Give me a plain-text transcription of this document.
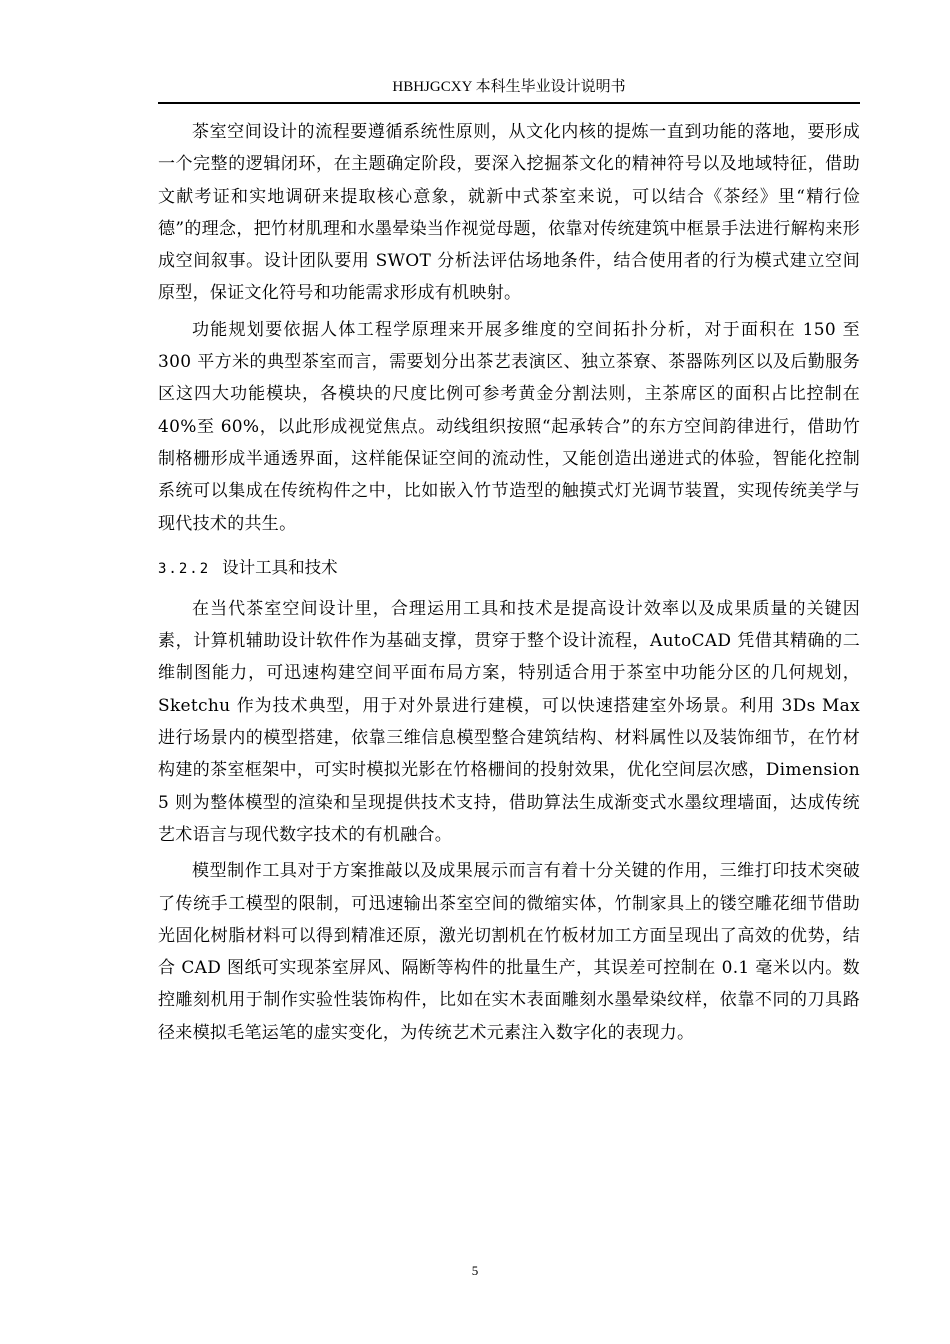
HBHJGCXY 本科生毕业设计说明书

茶室空间设计的流程要遵循系统性原则，从文化内核的提炼一直到功能的落地，要形成一个完整的逻辑闭环，在主题确定阶段，要深入挖掘茶文化的精神符号以及地域特征，借助文献考证和实地调研来提取核心意象，就新中式茶室来说，可以结合《茶经》里“精行俭德”的理念，把竹材肌理和水墨晕染当作视觉母题，依靠对传统建筑中框景手法进行解构来形成空间叙事。设计团队要用 SWOT 分析法评估场地条件，结合使用者的行为模式建立空间原型，保证文化符号和功能需求形成有机映射。

功能规划要依据人体工程学原理来开展多维度的空间拓扑分析，对于面积在 150 至 300 平方米的典型茶室而言，需要划分出茶艺表演区、独立茶寮、茶器陈列区以及后勤服务区这四大功能模块，各模块的尺度比例可参考黄金分割法则，主茶席区的面积占比控制在 40%至 60%，以此形成视觉焦点。动线组织按照“起承转合”的东方空间韵律进行，借助竹制格栅形成半通透界面，这样能保证空间的流动性，又能创造出递进式的体验，智能化控制系统可以集成在传统构件之中，比如嵌入竹节造型的触摸式灯光调节装置，实现传统美学与现代技术的共生。

3.2.2 设计工具和技术

在当代茶室空间设计里，合理运用工具和技术是提高设计效率以及成果质量的关键因素，计算机辅助设计软件作为基础支撑，贯穿于整个设计流程，AutoCAD 凭借其精确的二维制图能力，可迅速构建空间平面布局方案，特别适合用于茶室中功能分区的几何规划，Sketchu 作为技术典型，用于对外景进行建模，可以快速搭建室外场景。利用 3Ds Max 进行场景内的模型搭建，依靠三维信息模型整合建筑结构、材料属性以及装饰细节，在竹材构建的茶室框架中，可实时模拟光影在竹格栅间的投射效果，优化空间层次感，Dimension 5 则为整体模型的渲染和呈现提供技术支持，借助算法生成渐变式水墨纹理墙面，达成传统艺术语言与现代数字技术的有机融合。

模型制作工具对于方案推敲以及成果展示而言有着十分关键的作用，三维打印技术突破了传统手工模型的限制，可迅速输出茶室空间的微缩实体，竹制家具上的镂空雕花细节借助光固化树脂材料可以得到精准还原，激光切割机在竹板材加工方面呈现出了高效的优势，结合 CAD 图纸可实现茶室屏风、隔断等构件的批量生产，其误差可控制在 0.1 毫米以内。数控雕刻机用于制作实验性装饰构件，比如在实木表面雕刻水墨晕染纹样，依靠不同的刀具路径来模拟毛笔运笔的虚实变化，为传统艺术元素注入数字化的表现力。

5
